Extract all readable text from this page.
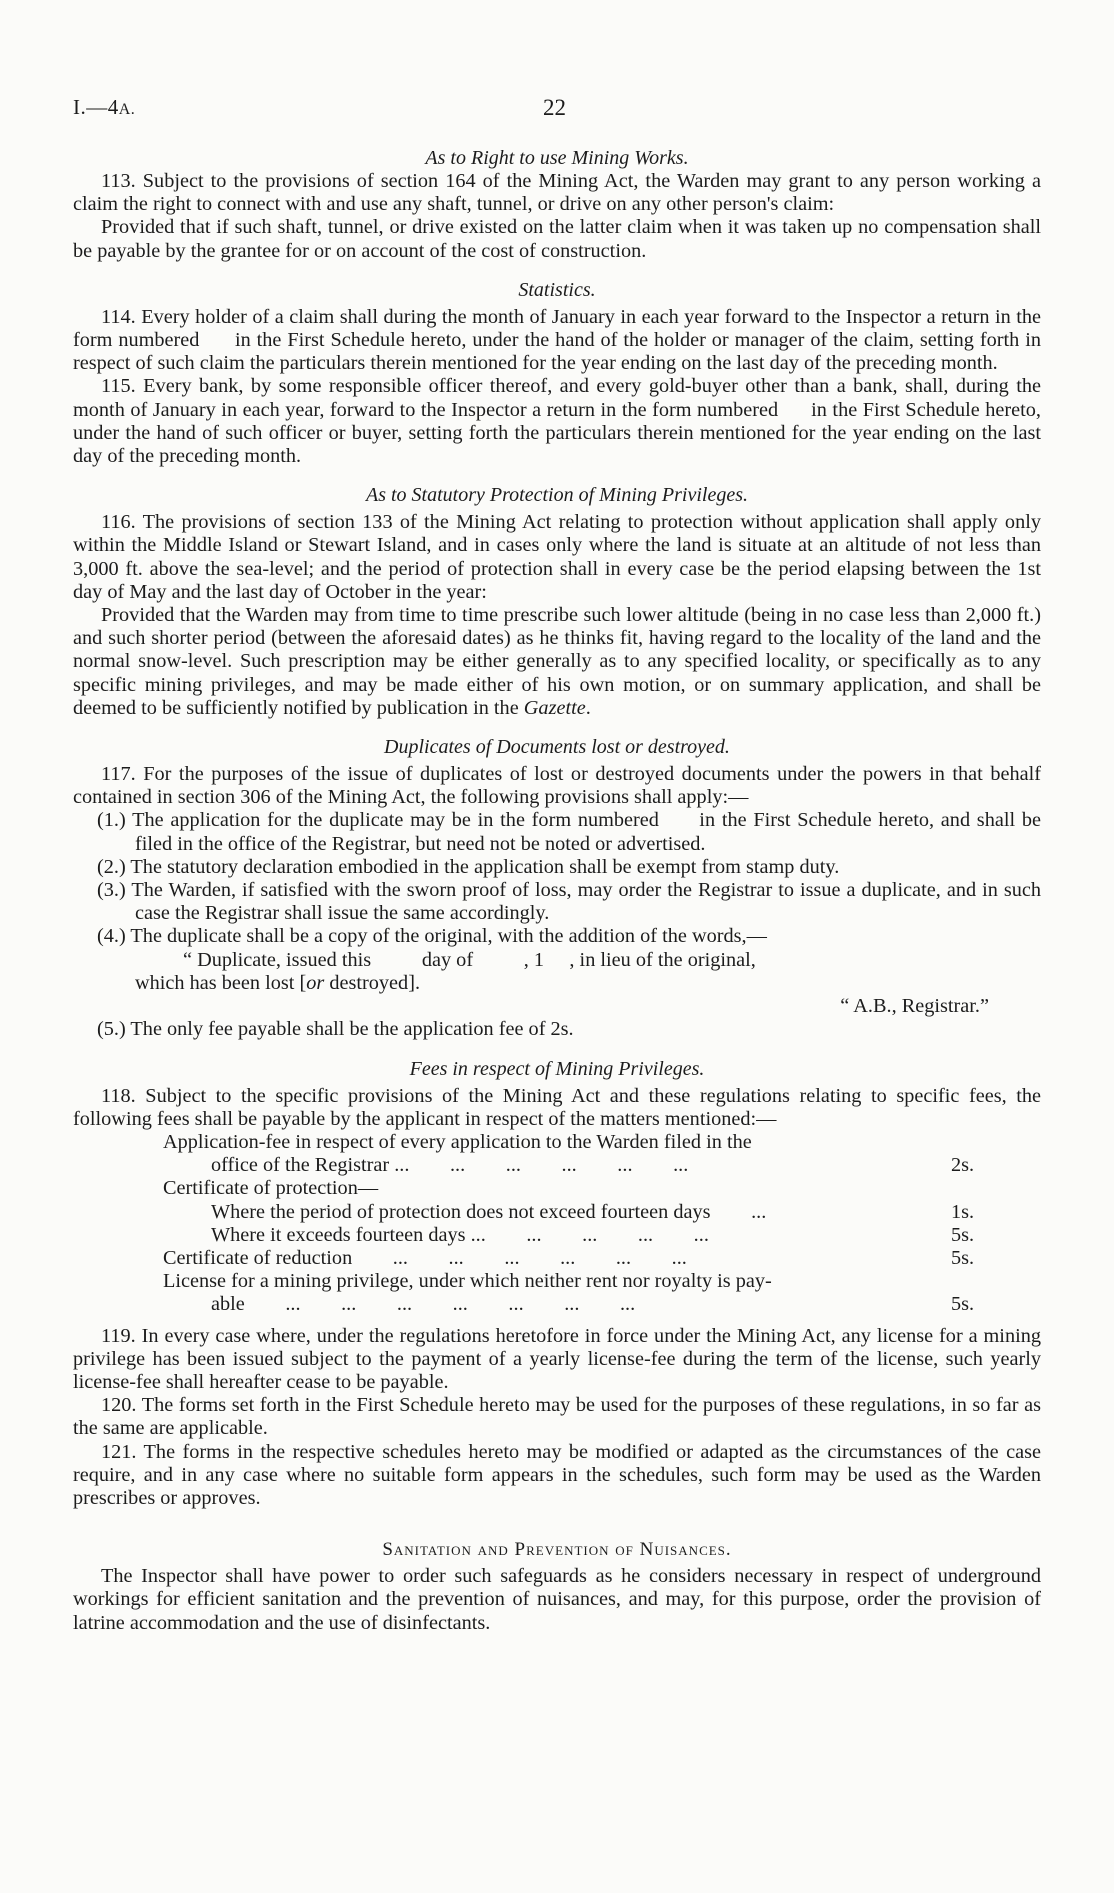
I.—4A.	22
As to Right to use Mining Works.

113. Subject to the provisions of section 164 of the Mining Act, the Warden may grant to any person working a claim the right to connect with and use any shaft, tunnel, or drive on any other person's claim:

Provided that if such shaft, tunnel, or drive existed on the latter claim when it was taken up no compensation shall be payable by the grantee for or on account of the cost of construction.

Statistics.

114. Every holder of a claim shall during the month of January in each year forward to the Inspector a return in the form numbered      in the First Schedule hereto, under the hand of the holder or manager of the claim, setting forth in respect of such claim the particulars therein mentioned for the year ending on the last day of the preceding month.

115. Every bank, by some responsible officer thereof, and every gold-buyer other than a bank, shall, during the month of January in each year, forward to the Inspector a return in the form numbered      in the First Schedule hereto, under the hand of such officer or buyer, setting forth the particulars therein mentioned for the year ending on the last day of the preceding month.

As to Statutory Protection of Mining Privileges.

116. The provisions of section 133 of the Mining Act relating to protection without application shall apply only within the Middle Island or Stewart Island, and in cases only where the land is situate at an altitude of not less than 3,000 ft. above the sea-level; and the period of protection shall in every case be the period elapsing between the 1st day of May and the last day of October in the year:

Provided that the Warden may from time to time prescribe such lower altitude (being in no case less than 2,000 ft.) and such shorter period (between the aforesaid dates) as he thinks fit, having regard to the locality of the land and the normal snow-level. Such prescription may be either generally as to any specified locality, or specifically as to any specific mining privileges, and may be made either of his own motion, or on summary application, and shall be deemed to be sufficiently notified by publication in the Gazette.

Duplicates of Documents lost or destroyed.

117. For the purposes of the issue of duplicates of lost or destroyed documents under the powers in that behalf contained in section 306 of the Mining Act, the following provisions shall apply:—

(1.) The application for the duplicate may be in the form numbered      in the First Schedule hereto, and shall be filed in the office of the Registrar, but need not be noted or advertised.
(2.) The statutory declaration embodied in the application shall be exempt from stamp duty.
(3.) The Warden, if satisfied with the sworn proof of loss, may order the Registrar to issue a duplicate, and in such case the Registrar shall issue the same accordingly.
(4.) The duplicate shall be a copy of the original, with the addition of the words,—
“ Duplicate, issued this          day of          , 1     , in lieu of the original,
which has been lost [or destroyed].
“ A.B., Registrar.”
(5.) The only fee payable shall be the application fee of 2s.
Fees in respect of Mining Privileges.

118. Subject to the specific provisions of the Mining Act and these regulations relating to specific fees, the following fees shall be payable by the applicant in respect of the matters mentioned:—

Application-fee in respect of every application to the Warden filed in the	
office of the Registrar ...        ...        ...        ...        ...        ...	2s.
Certificate of protection—	
Where the period of protection does not exceed fourteen days        ...	1s.
Where it exceeds fourteen days ...        ...        ...        ...        ...	5s.
Certificate of reduction        ...        ...        ...        ...        ...        ...	5s.
License for a mining privilege, under which neither rent nor royalty is pay-	
able        ...        ...        ...        ...        ...        ...        ...	5s.

119. In every case where, under the regulations heretofore in force under the Mining Act, any license for a mining privilege has been issued subject to the payment of a yearly license-fee during the term of the license, such yearly license-fee shall hereafter cease to be payable.

120. The forms set forth in the First Schedule hereto may be used for the purposes of these regulations, in so far as the same are applicable.

121. The forms in the respective schedules hereto may be modified or adapted as the circumstances of the case require, and in any case where no suitable form appears in the schedules, such form may be used as the Warden prescribes or approves.

Sanitation and Prevention of Nuisances.

The Inspector shall have power to order such safeguards as he considers necessary in respect of underground workings for efficient sanitation and the prevention of nuisances, and may, for this purpose, order the provision of latrine accommodation and the use of disinfectants.
